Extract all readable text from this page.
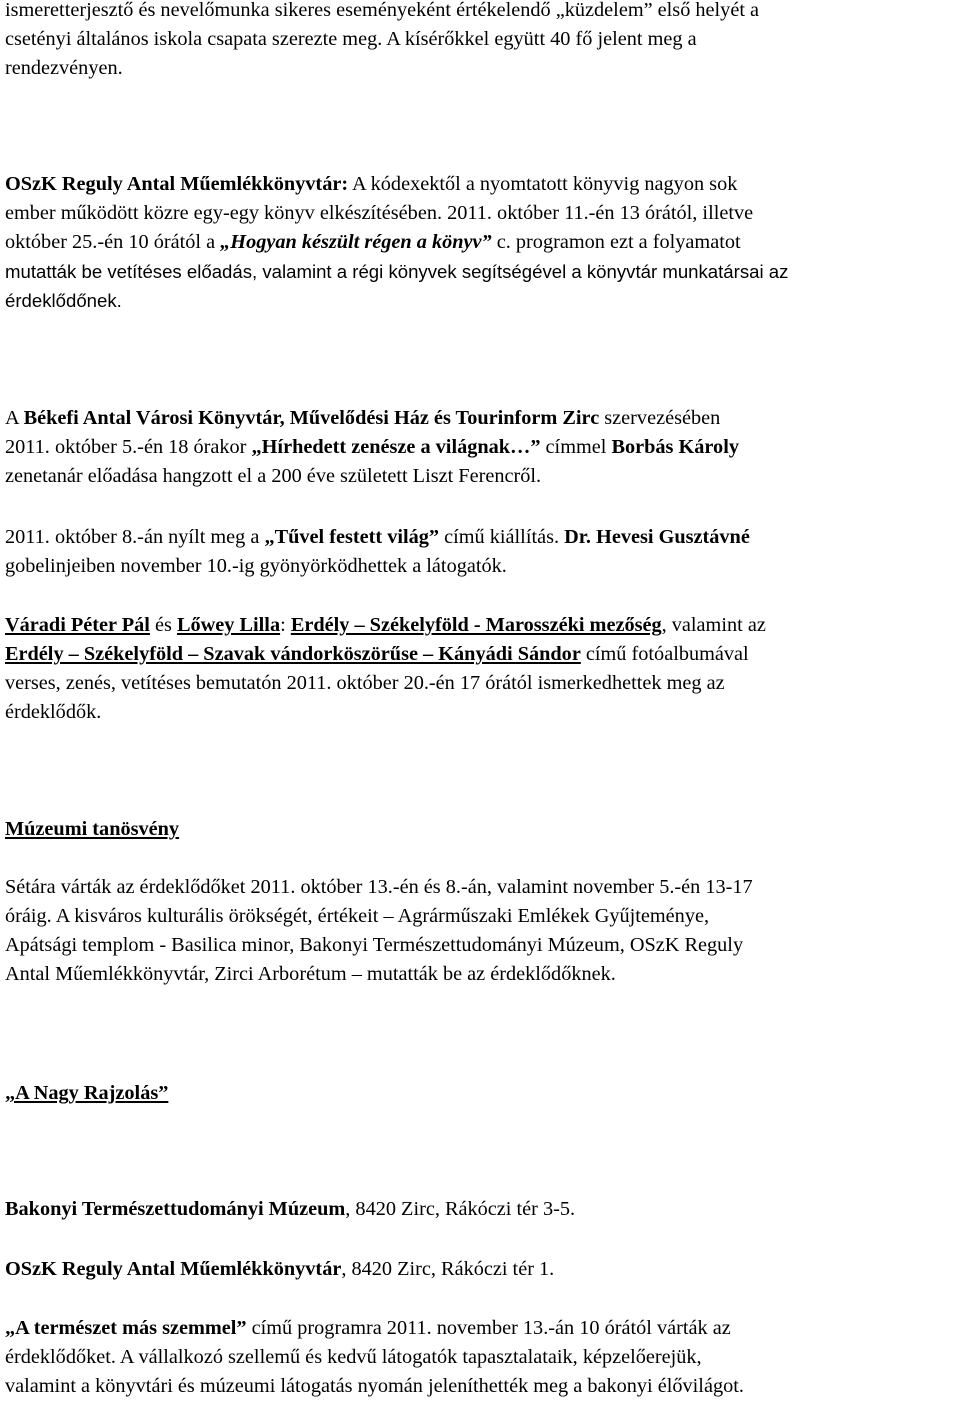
ismeretterjesztő és nevelőmunka sikeres eseményeként értékelendő „küzdelem” első helyét a
csetényi általános iskola csapata szerezte meg. A kísérőkkel együtt 40 fő jelent meg a
rendezvényen.

OSzK Reguly Antal Műemlékkönyvtár: A kódexektől a nyomtatott könyvig nagyon sok
ember működött közre egy-egy könyv elkészítésében. 2011. október 11.-én 13 órától, illetve
október 25.-én 10 órától a „Hogyan készült régen a könyv” c. programon ezt a folyamatot
mutatták be vetítéses előadás, valamint a régi könyvek segítségével a könyvtár munkatársai az
érdeklődőnek.

A Békefi Antal Városi Könyvtár, Művelődési Ház és Tourinform Zirc szervezésében
2011. október 5.-én 18 órakor „Hírhedett zenésze a világnak…” címmel Borbás Károly
zenetanár előadása hangzott el a 200 éve született Liszt Ferencről.

2011. október 8.-án nyílt meg a „Tűvel festett világ” című kiállítás. Dr. Hevesi Gusztávné
gobelinjeiben november 10.-ig gyönyörködhettek a látogatók.

Váradi Péter Pál és Lőwey Lilla: Erdély – Székelyföld - Marosszéki mezőség, valamint az
Erdély – Székelyföld – Szavak vándorköszörűse – Kányádi Sándor című fotóalbumával
verses, zenés, vetítéses bemutatón 2011. október 20.-én 17 órától ismerkedhettek meg az
érdeklődők.

Múzeumi tanösvény

Sétára várták az érdeklődőket 2011. október 13.-én és 8.-án, valamint november 5.-én 13-17
óráig. A kisváros kulturális örökségét, értékeit – Agrárműszaki Emlékek Gyűjteménye,
Apátsági templom - Basilica minor, Bakonyi Természettudományi Múzeum, OSzK Reguly
Antal Műemlékkönyvtár, Zirci Arborétum – mutatták be az érdeklődőknek.

„A Nagy Rajzolás”

Bakonyi Természettudományi Múzeum, 8420 Zirc, Rákóczi tér 3-5.

OSzK Reguly Antal Műemlékkönyvtár, 8420 Zirc, Rákóczi tér 1.

„A természet más szemmel” című programra 2011. november 13.-án 10 órától várták az
érdeklődőket. A vállalkozó szellemű és kedvű látogatók tapasztalataik, képzelőerejük,
valamint a könyvtári és múzeumi látogatás nyomán jeleníthették meg a bakonyi élővilágot.
